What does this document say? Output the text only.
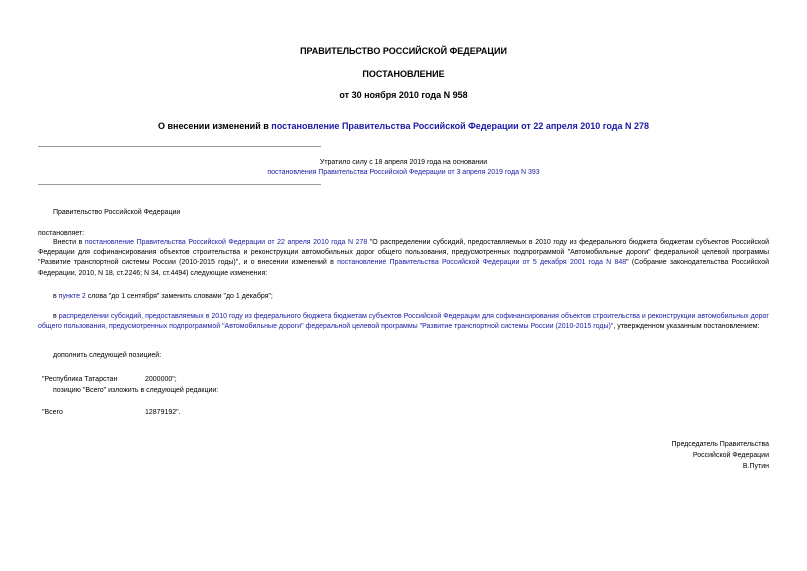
ПРАВИТЕЛЬСТВО РОССИЙСКОЙ ФЕДЕРАЦИИ
ПОСТАНОВЛЕНИЕ
от 30 ноября 2010 года N 958
О внесении изменений в постановление Правительства Российской Федерации от 22 апреля 2010 года N 278
Утратило силу с 18 апреля 2019 года на основании
постановления Правительства Российской Федерации от 3 апреля 2019 года N 393
Правительство Российской Федерации
постановляет:
Внести в постановление Правительства Российской Федерации от 22 апреля 2010 года N 278 "О распределении субсидий, предоставляемых в 2010 году из федерального бюджета бюджетам субъектов Российской Федерации для софинансирования объектов строительства и реконструкции автомобильных дорог общего пользования, предусмотренных подпрограммой "Автомобильные дороги" федеральной целевой программы "Развитие транспортной системы России (2010-2015 годы)", и о внесении изменений в постановление Правительства Российской Федерации от 5 декабря 2001 года N 848" (Собрание законодательства Российской Федерации, 2010, N 18, ст.2246; N 34, ст.4494) следующие изменения:
в пункте 2 слова "до 1 сентября" заменить словами "до 1 декабря";
в распределении субсидий, предоставляемых в 2010 году из федерального бюджета бюджетам субъектов Российской Федерации для софинансирования объектов строительства и реконструкции автомобильных дорог общего пользования, предусмотренных подпрограммой "Автомобильные дороги" федеральной целевой программы "Развитие транспортной системы России (2010-2015 годы)", утвержденном указанным постановлением:
дополнить следующей позицией:
"Республика Татарстан	2000000";
позицию "Всего" изложить в следующей редакции:
"Всего	12879192".
Председатель Правительства
Российской Федерации
В.Путин
